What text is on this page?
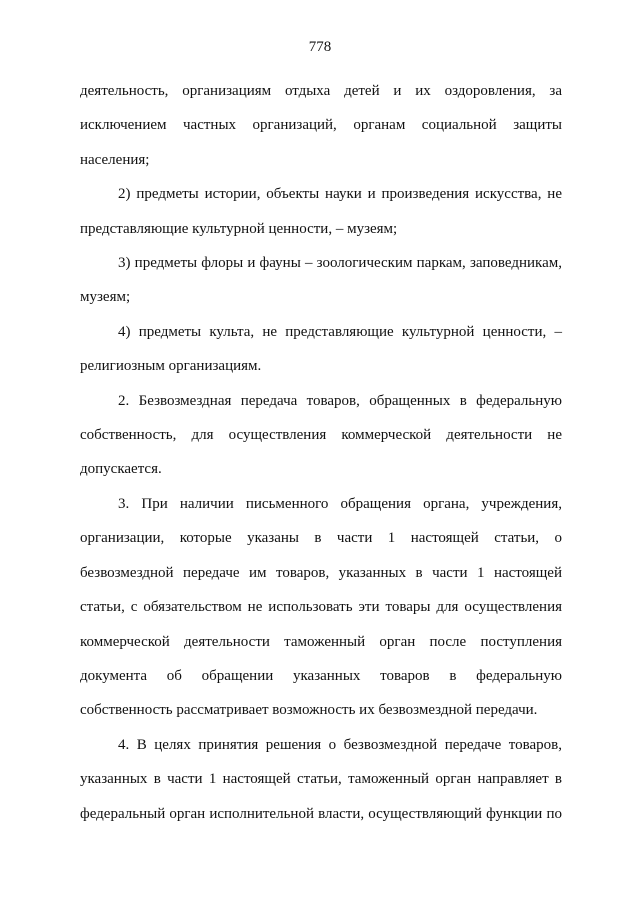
778

деятельность, организациям отдыха детей и их оздоровления, за исключением частных организаций, органам социальной защиты населения;

2) предметы истории, объекты науки и произведения искусства, не представляющие культурной ценности, – музеям;

3) предметы флоры и фауны – зоологическим паркам, заповедникам, музеям;

4) предметы культа, не представляющие культурной ценности, – религиозным организациям.

2. Безвозмездная передача товаров, обращенных в федеральную собственность, для осуществления коммерческой деятельности не допускается.

3. При наличии письменного обращения органа, учреждения, организации, которые указаны в части 1 настоящей статьи, о безвозмездной передаче им товаров, указанных в части 1 настоящей статьи, с обязательством не использовать эти товары для осуществления коммерческой деятельности таможенный орган после поступления документа об обращении указанных товаров в федеральную собственность рассматривает возможность их безвозмездной передачи.

4. В целях принятия решения о безвозмездной передаче товаров, указанных в части 1 настоящей статьи, таможенный орган направляет в федеральный орган исполнительной власти, осуществляющий функции по
